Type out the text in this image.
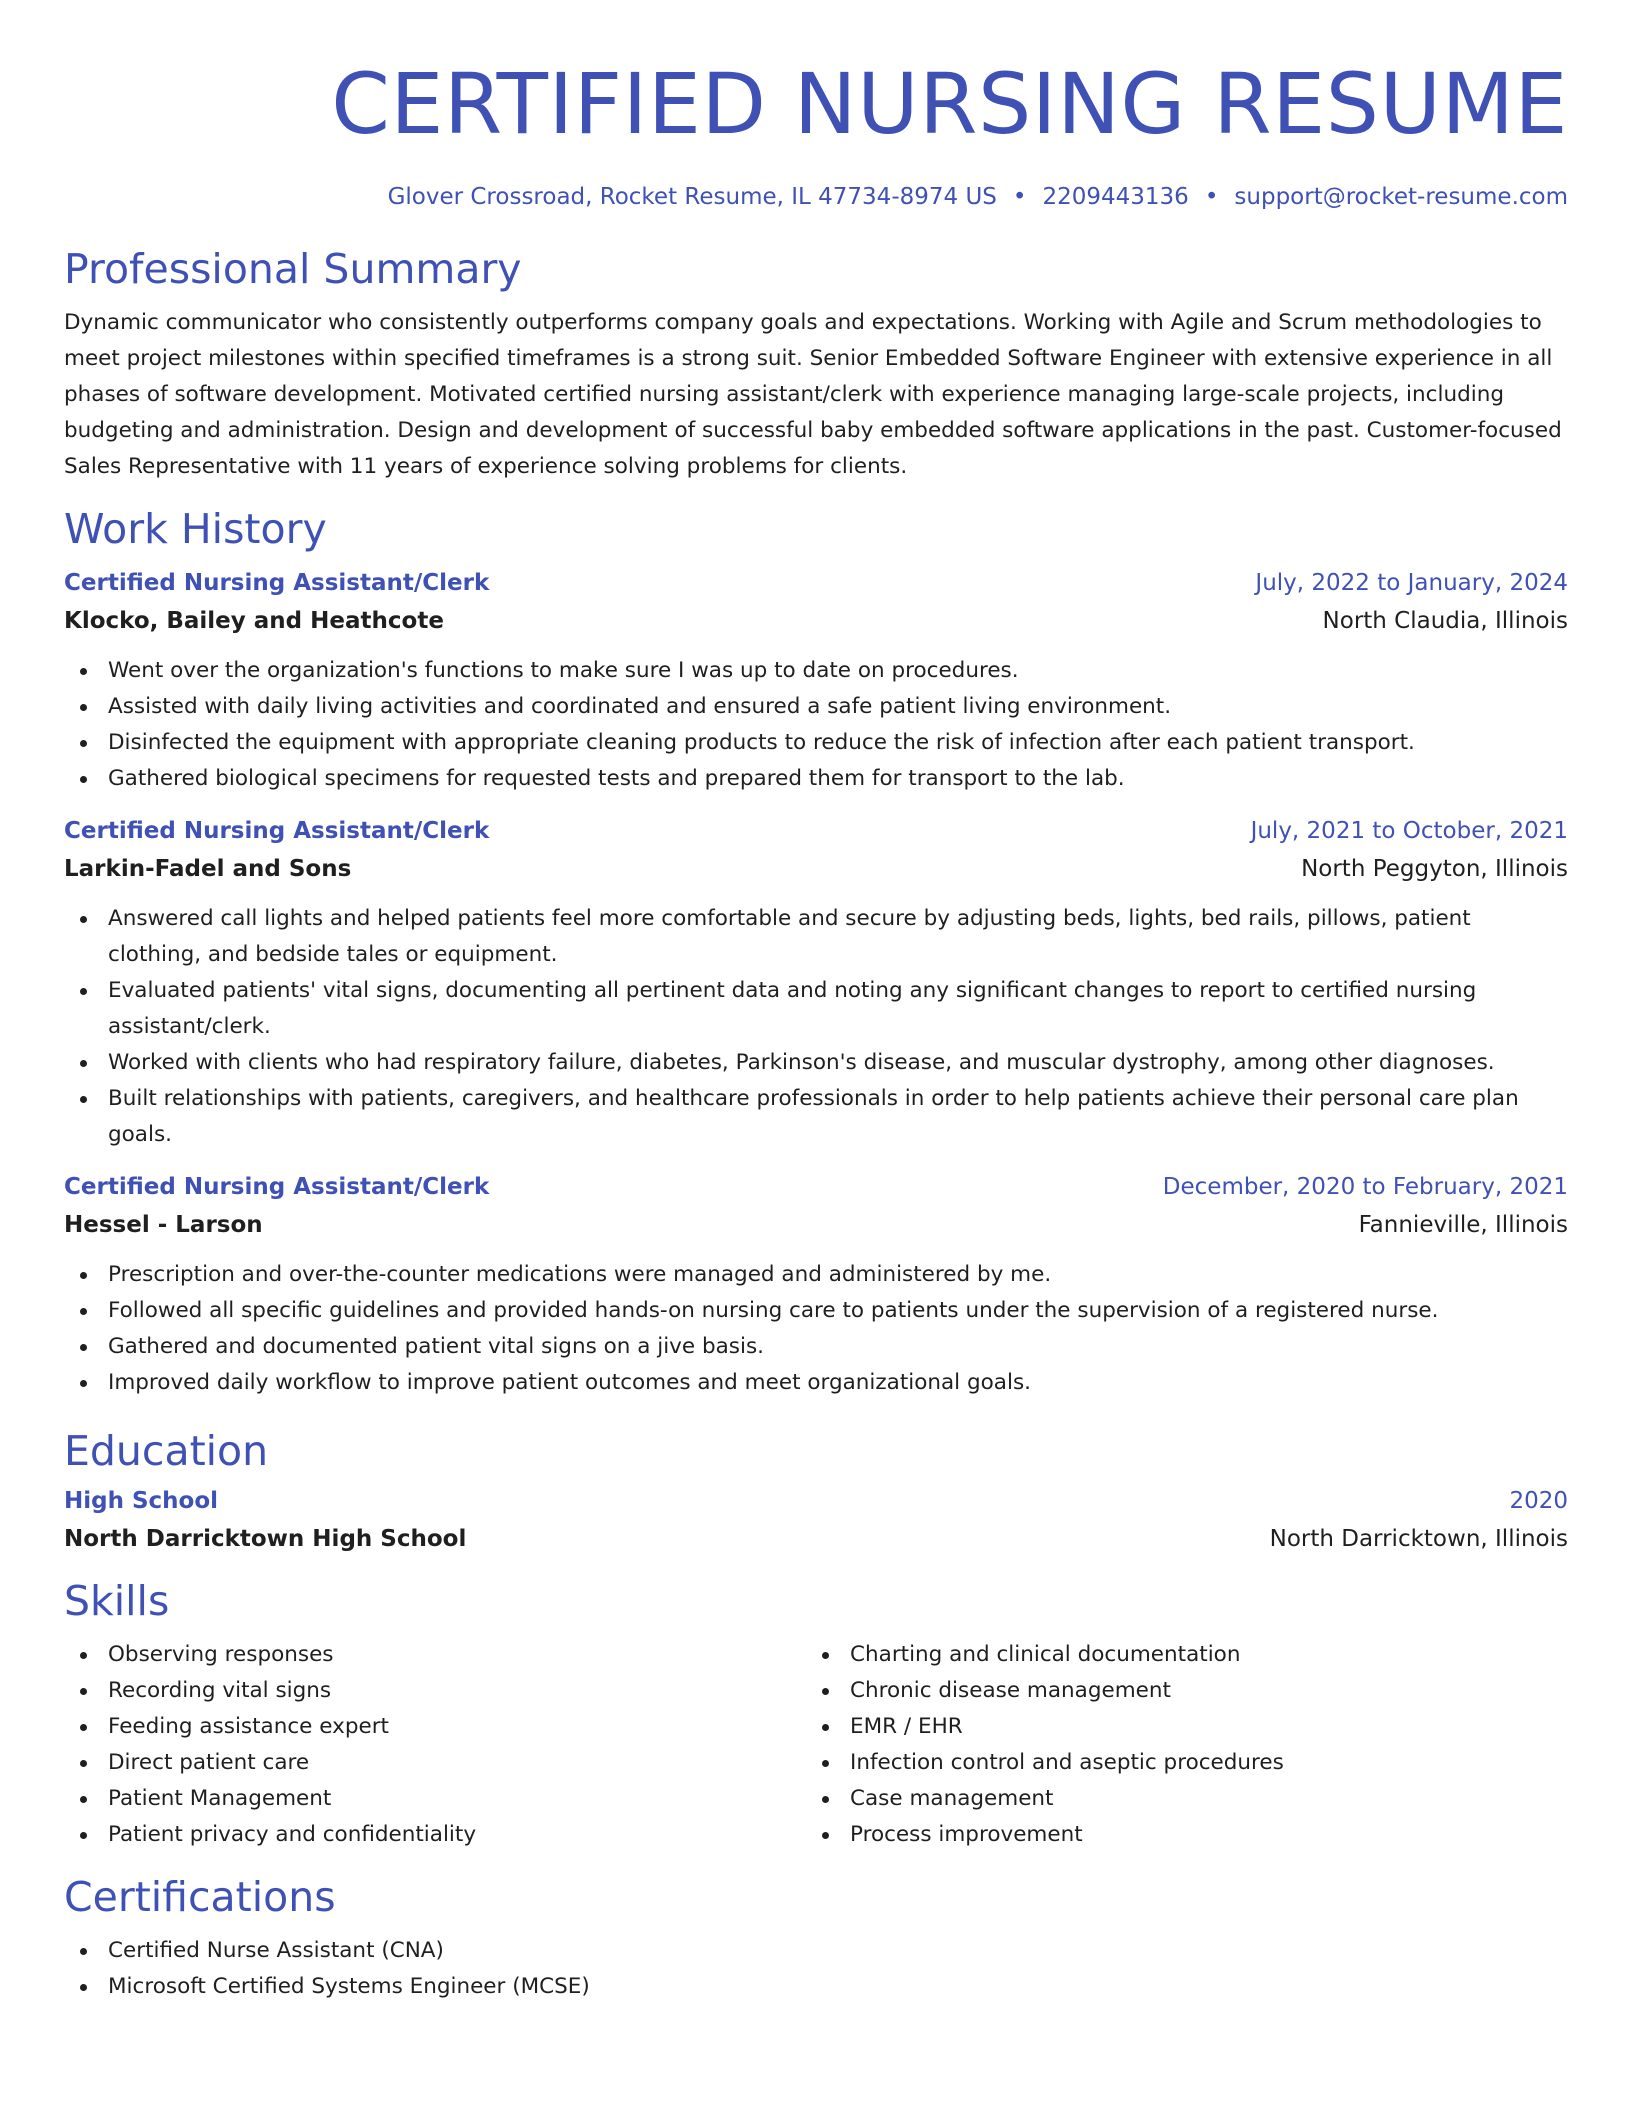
CERTIFIED NURSING RESUME
Glover Crossroad, Rocket Resume, IL 47734-8974 US • 2209443136 • support@rocket-resume.com
Professional Summary

Dynamic communicator who consistently outperforms company goals and expectations. Working with Agile and Scrum methodologies to meet project milestones within specified timeframes is a strong suit. Senior Embedded Software Engineer with extensive experience in all phases of software development. Motivated certified nursing assistant/clerk with experience managing large-scale projects, including budgeting and administration. Design and development of successful baby embedded software applications in the past. Customer-focused Sales Representative with 11 years of experience solving problems for clients.

Work History
Certified Nursing Assistant/Clerk	July, 2022 to January, 2024
Klocko, Bailey and Heathcote	North Claudia, Illinois
Went over the organization's functions to make sure I was up to date on procedures.
Assisted with daily living activities and coordinated and ensured a safe patient living environment.
Disinfected the equipment with appropriate cleaning products to reduce the risk of infection after each patient transport.
Gathered biological specimens for requested tests and prepared them for transport to the lab.
Certified Nursing Assistant/Clerk	July, 2021 to October, 2021
Larkin-Fadel and Sons	North Peggyton, Illinois
Answered call lights and helped patients feel more comfortable and secure by adjusting beds, lights, bed rails, pillows, patient clothing, and bedside tales or equipment.
Evaluated patients' vital signs, documenting all pertinent data and noting any significant changes to report to certified nursing assistant/clerk.
Worked with clients who had respiratory failure, diabetes, Parkinson's disease, and muscular dystrophy, among other diagnoses.
Built relationships with patients, caregivers, and healthcare professionals in order to help patients achieve their personal care plan goals.
Certified Nursing Assistant/Clerk	December, 2020 to February, 2021
Hessel - Larson	Fannieville, Illinois
Prescription and over-the-counter medications were managed and administered by me.
Followed all specific guidelines and provided hands-on nursing care to patients under the supervision of a registered nurse.
Gathered and documented patient vital signs on a jive basis.
Improved daily workflow to improve patient outcomes and meet organizational goals.
Education
High School	2020
North Darricktown High School	North Darricktown, Illinois
Skills
Observing responses
Recording vital signs
Feeding assistance expert
Direct patient care
Patient Management
Patient privacy and confidentiality
Charting and clinical documentation
Chronic disease management
EMR / EHR
Infection control and aseptic procedures
Case management
Process improvement
Certifications
Certified Nurse Assistant (CNA)
Microsoft Certified Systems Engineer (MCSE)
